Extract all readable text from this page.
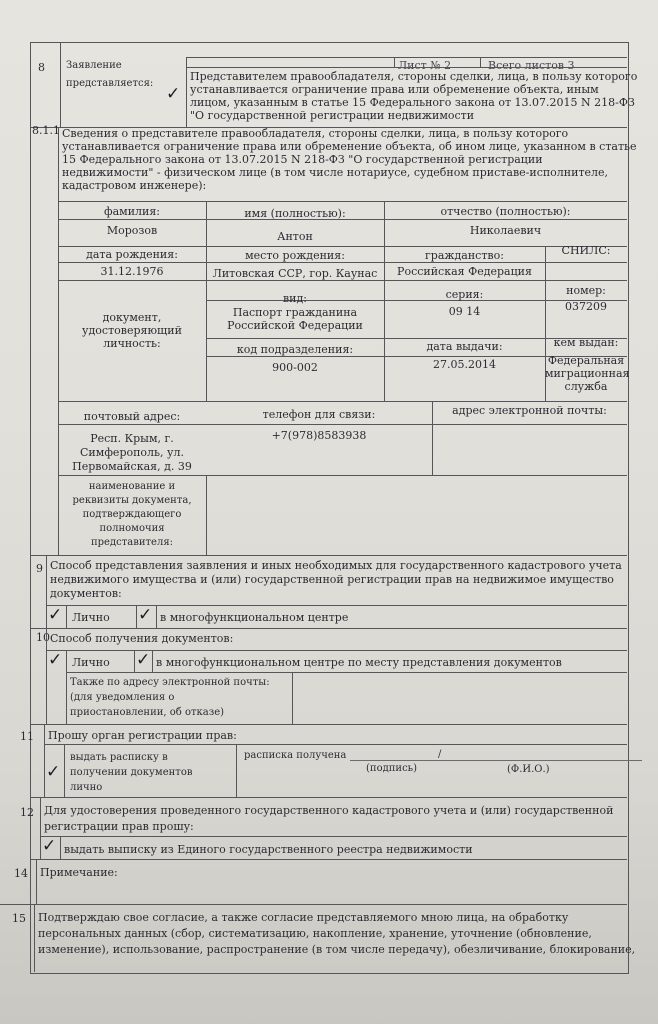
Лист № 2	Всего листов 3
8 Заявление
представляется:
✓
Представителем правообладателя, стороны сделки, лица, в пользу которого
устанавливается ограничение права или обременение объекта, иным
лицом, указанным в статье 15 Федерального закона от 13.07.2015 N 218-ФЗ
"О государственной регистрации недвижимости
8.1.1 Сведения о представителе правообладателя, стороны сделки, лица, в пользу которого
устанавливается ограничение права или обременение объекта, об ином лице, указанном в статье
15 Федерального закона от 13.07.2015 N 218-ФЗ "О государственной регистрации
недвижимости" - физическом лице (в том числе нотариусе, судебном приставе-исполнителе,
кадастровом инженере):
фамилия:	имя (полностью):	отчество (полностью):
Морозов	Антон	Николаевич
дата рождения:	место рождения:	гражданство:	СНИЛС:
31.12.1976	Литовская ССР, гор. Каунас	Российская Федерация
документ,
удостоверяющий
личность:
вид:	серия:	номер:
Паспорт гражданина
Российской Федерации
09 14	037209
код подразделения:	дата выдачи:	кем выдан:
900-002	27.05.2014	Федеральная
миграционная
служба
почтовый адрес:	телефон для связи:	адрес электронной почты:
Респ. Крым, г.
Симферополь, ул.
Первомайская, д. 39
+7(978)8583938
наименование и
реквизиты документа,
подтверждающего
полномочия
представителя:
9 Способ представления заявления и иных необходимых для государственного кадастрового учета
недвижимого имущества и (или) государственной регистрации прав на недвижимое имущество
документов:
✓ Лично ✓ в многофункциональном центре
10 Способ получения документов:
✓ Лично ✓ в многофункциональном центре по месту представления документов
Также по адресу электронной почты:
(для уведомления о
приостановлении, об отказе)
11 Прошу орган регистрации прав:
✓
выдать расписку в
получении документов
лично
расписка получена	/
(подпись)	(Ф.И.О.)
12 Для удостоверения проведенного государственного кадастрового учета и (или) государственной
регистрации прав прошу:
✓ выдать выписку из Единого государственного реестра недвижимости
14 Примечание:
15 Подтверждаю свое согласие, а также согласие представляемого мною лица, на обработку
персональных данных (сбор, систематизацию, накопление, хранение, уточнение (обновление,
изменение), использование, распространение (в том числе передачу), обезличивание, блокирование,
